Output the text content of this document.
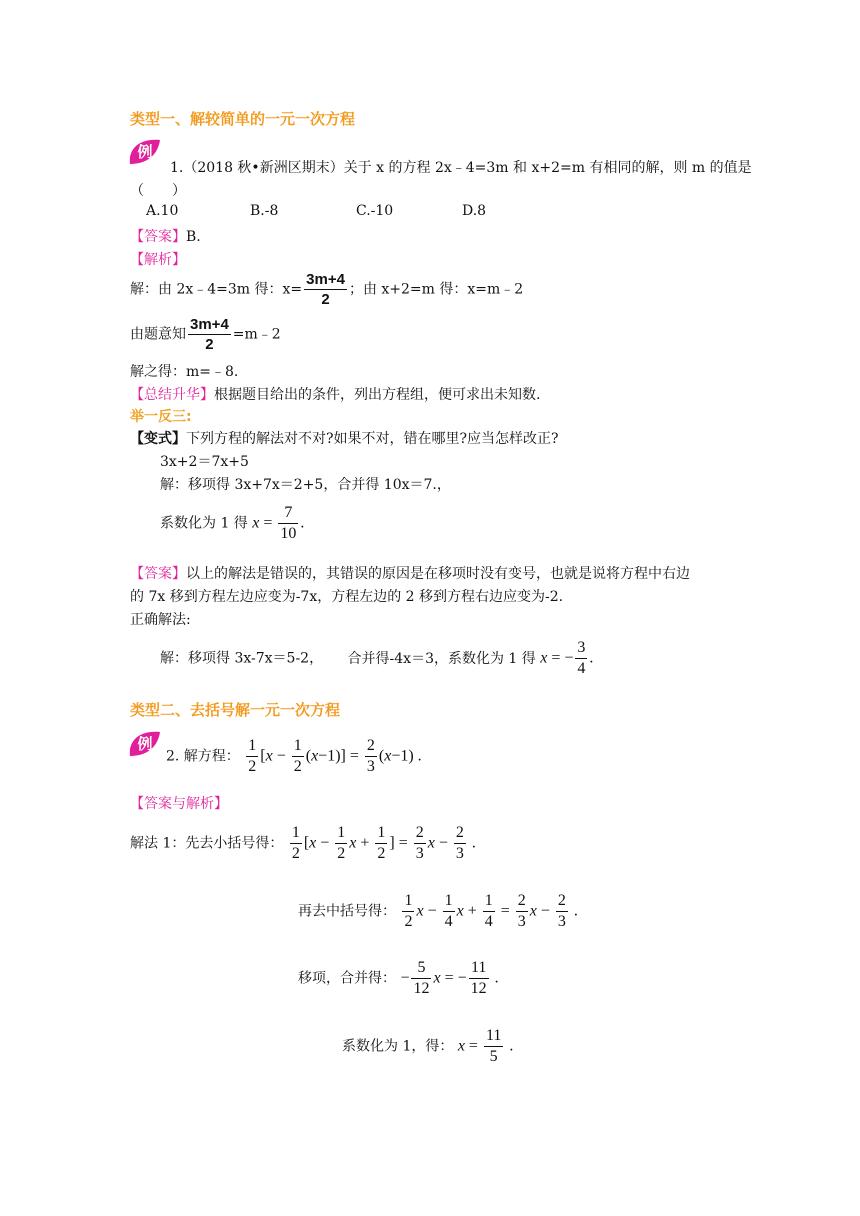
类型一、解较简单的一元一次方程
例
1.（2018 秋•新洲区期末）关于 x 的方程 2x﹣4=3m 和 x+2=m 有相同的解，则 m 的值是
（　　）
A.10	B.-8	C.-10	D.8
【答案】B.
【解析】
解：由 2x﹣4=3m 得：$x= \frac{3m+4}{2}$ ；由 x+2=m 得：x=m﹣2
由题意知 $\frac{3m+4}{2}$ =m﹣2
解之得：m=﹣8.
【总结升华】根据题目给出的条件，列出方程组，便可求出未知数.
举一反三:
【变式】下列方程的解法对不对?如果不对，错在哪里?应当怎样改正?
3x+2＝7x+5
解：移项得 3x+7x＝2+5，合并得 10x＝7.，
系数化为 1 得 $x = \frac{7}{10}$ .
【答案】以上的解法是错误的，其错误的原因是在移项时没有变号，也就是说将方程中右边
的 7x 移到方程左边应变为-7x，方程左边的 2 移到方程右边应变为-2.
正确解法:
解：移项得 3x-7x＝5-2， 合并得-4x＝3，系数化为 1 得 x = − $\frac{3}{4}$ .
类型二、去括号解一元一次方程
例
2. 解方程： $\frac{1}{2} [x - \frac{1}{2} (x-1)] = \frac{2}{3} (x-1)$ .
【答案与解析】
解法 1：先去小括号得： $\frac{1}{2} [x - \frac{1}{2}$ $x + \frac{1}{2}$ ] = $\frac{2}{3}$ $x - \frac{2}{3}$ .
再去中括号得： $\frac{1}{2}$ $x - \frac{1}{4}$ $x + \frac{1}{4} = \frac{2}{3}$ $x - \frac{2}{3}$ .
移项，合并得： − $\frac{5}{12}$ x = − $\frac{11}{12}$ .
系数化为 1，得： $x = \frac{11}{5}$ .
